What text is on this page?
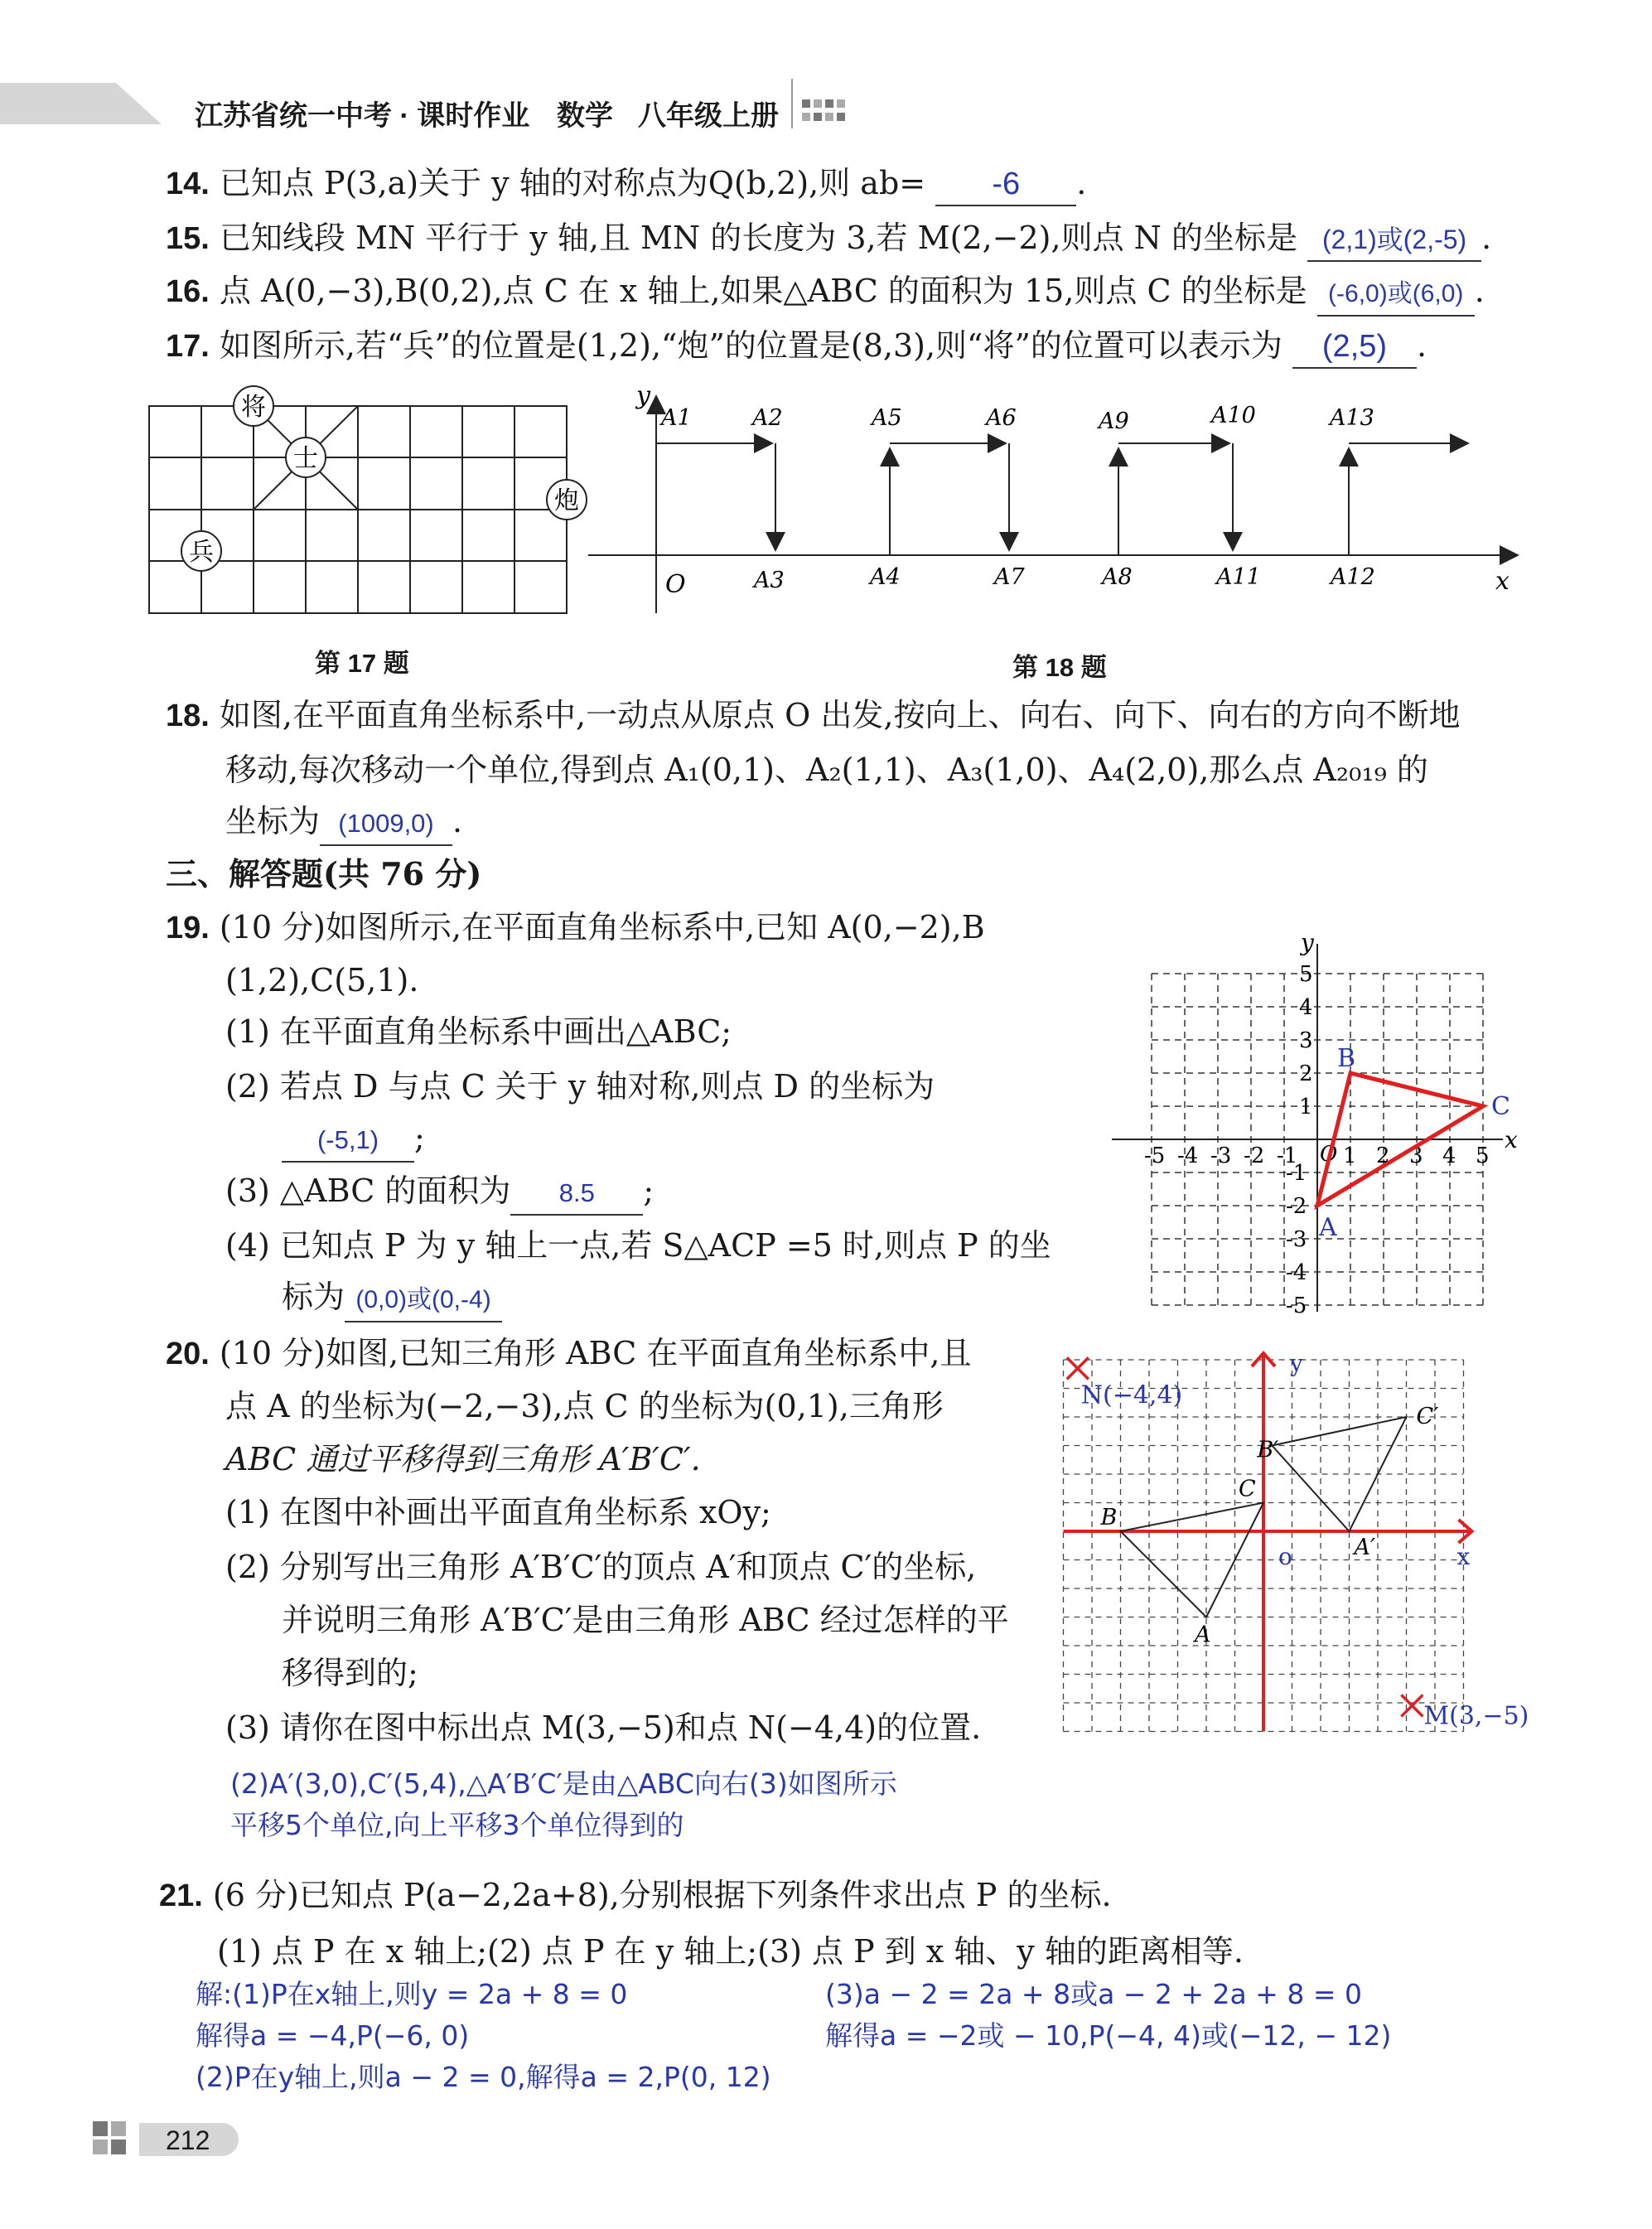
江苏省统一中考 · 课时作业 数学 八年级上册
14. 已知点 P(3,a)关于 y 轴的对称点为Q(b,2),则 ab= -6 .
15. 已知线段 MN 平行于 y 轴,且 MN 的长度为 3,若 M(2,−2),则点 N 的坐标是 (2,1)或(2,-5) .
16. 点 A(0,−3),B(0,2),点 C 在 x 轴上,如果△ABC 的面积为 15,则点 C 的坐标是 (-6,0)或(6,0) .
17. 如图所示,若“兵”的位置是(1,2),“炮”的位置是(8,3),则“将”的位置可以表示为 (2,5) .
将
士
炮
兵
第 17 题
y
x
O
A1	A2	A5	A6	A9	A10	A13
A3	A4	A7	A8	A11	A12
第 18 题
18. 如图,在平面直角坐标系中,一动点从原点 O 出发,按向上、向右、向下、向右的方向不断地
移动,每次移动一个单位,得到点 A₁(0,1)、A₂(1,1)、A₃(1,0)、A₄(2,0),那么点 A₂₀₁₉ 的
坐标为 (1009,0) .
三、解答题(共 76 分)
19. (10 分)如图所示,在平面直角坐标系中,已知 A(0,−2),B
(1,2),C(5,1).
(1) 在平面直角坐标系中画出△ABC;
(2) 若点 D 与点 C 关于 y 轴对称,则点 D 的坐标为
(-5,1) ;
(3) △ABC 的面积为 8.5 ;
(4) 已知点 P 为 y 轴上一点,若 S△ACP =5 时,则点 P 的坐
标为 (0,0)或(0,-4)
y
x
O
-5 -4 -3 -2 -1 1 2 3 4 5
5
4
3
2
1
-1
-2
-3
-4
-5
B
C
A
20. (10 分)如图,已知三角形 ABC 在平面直角坐标系中,且
点 A 的坐标为(−2,−3),点 C 的坐标为(0,1),三角形
ABC 通过平移得到三角形 A′B′C′.
(1) 在图中补画出平面直角坐标系 xOy;
(2) 分别写出三角形 A′B′C′的顶点 A′和顶点 C′的坐标,
并说明三角形 A′B′C′是由三角形 ABC 经过怎样的平
移得到的;
(3) 请你在图中标出点 M(3,−5)和点 N(−4,4)的位置.
(2)A′(3,0),C′(5,4),△A′B′C′是由△ABC向右(3)如图所示
平移5个单位,向上平移3个单位得到的
y
x
o
A
B
C
A′
B′
C′
N(−4,4)
M(3,−5)
21. (6 分)已知点 P(a−2,2a+8),分别根据下列条件求出点 P 的坐标.
(1) 点 P 在 x 轴上;(2) 点 P 在 y 轴上;(3) 点 P 到 x 轴、y 轴的距离相等.
解:(1)P在x轴上,则y = 2a + 8 = 0
解得a = −4,P(−6, 0)
(2)P在y轴上,则a − 2 = 0,解得a = 2,P(0, 12)
(3)a − 2 = 2a + 8或a − 2 + 2a + 8 = 0
解得a = −2或 − 10,P(−4, 4)或(−12, − 12)
212
